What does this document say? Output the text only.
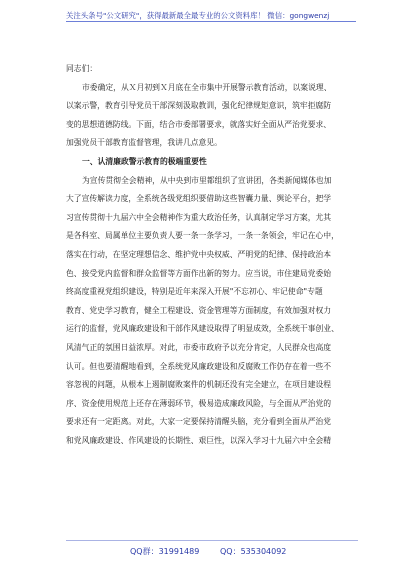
关注头条号"公文研究"，获得最新最全最专业的公文资料库！ 微信：gongwenzj

同志们：

市委确定，从Ｘ月初到Ｘ月底在全市集中开展警示教育活动，以案说理、

以案示警，教育引导党员干部深刻汲取教训，强化纪律规矩意识，筑牢拒腐防

变的思想道德防线。下面，结合市委部署要求，就落实好全面从严治党要求、

加强党员干部教育监督管理，我讲几点意见。

一、认清廉政警示教育的极端重要性

为宣传贯彻全会精神，从中央到市里都组织了宣讲团，各类新闻媒体也加

大了宣传解读力度，全系统各级党组织要借助这些智囊力量、舆论平台，把学

习宣传贯彻十九届六中全会精神作为重大政治任务，认真制定学习方案，尤其

是各科室、局属单位主要负责人要一条一条学习，一条一条领会，牢记在心中，

落实在行动，在坚定理想信念、维护党中央权威、严明党的纪律、保持政治本

色、接受党内监督和群众监督等方面作出新的努力。应当说，市住建局党委始

终高度重视党组织建设，特别是近年来深入开展"不忘初心、牢记使命"专题

教育、党史学习教育，健全工程建设、资金管理等方面制度，有效加强对权力

运行的监督，党风廉政建设和干部作风建设取得了明显成效，全系统干事创业、

风清气正的氛围日益浓厚。对此，市委市政府予以充分肯定，人民群众也高度

认可。但也要清醒地看到，全系统党风廉政建设和反腐败工作仍存在着一些不

容忽视的问题，从根本上遏制腐败案件的机制还没有完全建立，在项目建设程

序、资金使用规范上还存在薄弱环节，极易造成廉政风险，与全面从严治党的

要求还有一定距离。对此，大家一定要保持清醒头脑，充分看到全面从严治党

和党风廉政建设、作风建设的长期性、艰巨性，以深入学习十九届六中全会精

QQ群：31991489	QQ：535304092
